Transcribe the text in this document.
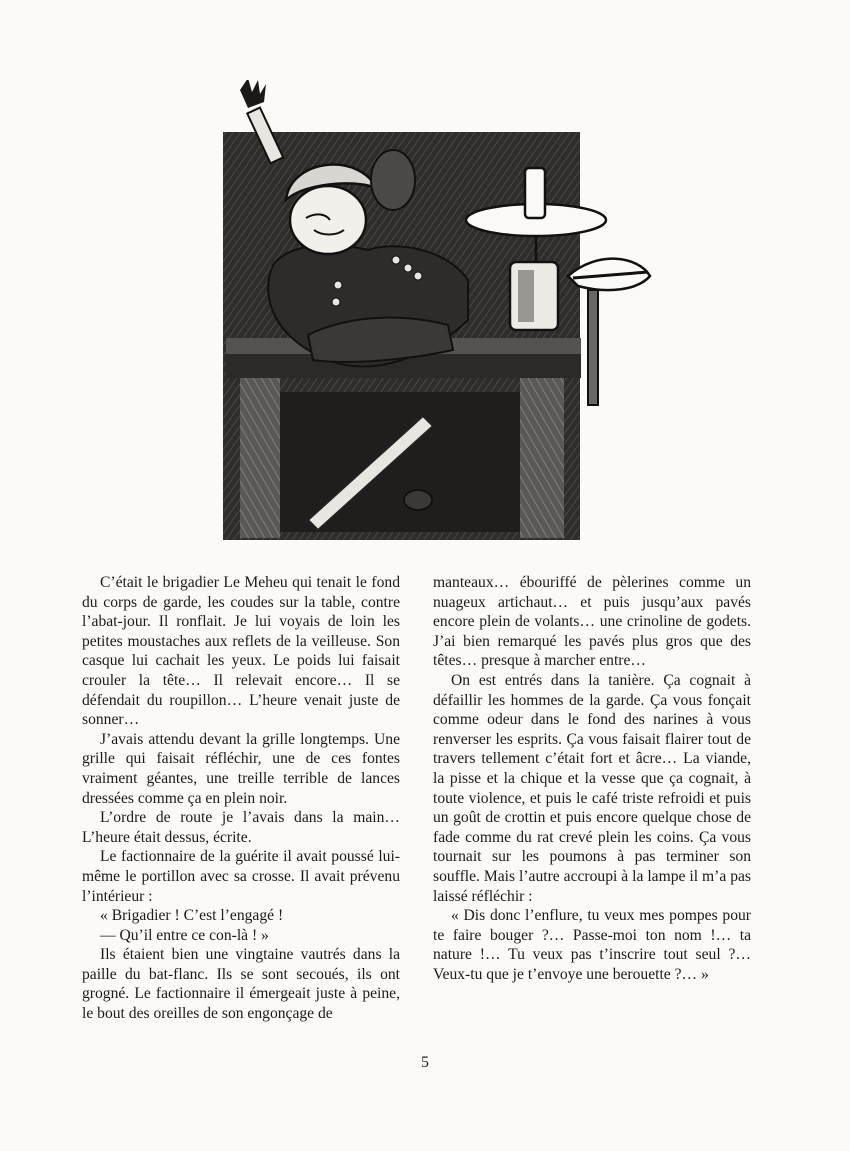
C’était le brigadier Le Meheu qui tenait le fond du corps de garde, les coudes sur la table, contre l’abat-jour. Il ronflait. Je lui voyais de loin les petites moustaches aux reflets de la veilleuse. Son casque lui cachait les yeux. Le poids lui faisait crouler la tête… Il relevait encore… Il se défendait du roupillon… L’heure venait juste de sonner…

J’avais attendu devant la grille longtemps. Une grille qui faisait réfléchir, une de ces fontes vraiment géantes, une treille terrible de lances dressées comme ça en plein noir.

L’ordre de route je l’avais dans la main… L’heure était dessus, écrite.

Le factionnaire de la guérite il avait poussé lui-même le portillon avec sa crosse. Il avait prévenu l’intérieur :

« Brigadier ! C’est l’engagé !

— Qu’il entre ce con-là ! »

Ils étaient bien une vingtaine vautrés dans la paille du bat-flanc. Ils se sont secoués, ils ont grogné. Le factionnaire il émergeait juste à peine, le bout des oreilles de son engonçage de

manteaux… ébouriffé de pèlerines comme un nuageux artichaut… et puis jusqu’aux pavés encore plein de volants… une crinoline de godets. J’ai bien remarqué les pavés plus gros que des têtes… presque à marcher entre…

On est entrés dans la tanière. Ça cognait à défaillir les hommes de la garde. Ça vous fonçait comme odeur dans le fond des narines à vous renverser les esprits. Ça vous faisait flairer tout de travers tellement c’était fort et âcre… La viande, la pisse et la chique et la vesse que ça cognait, à toute violence, et puis le café triste refroidi et puis un goût de crottin et puis encore quelque chose de fade comme du rat crevé plein les coins. Ça vous tournait sur les poumons à pas terminer son souffle. Mais l’autre accroupi à la lampe il m’a pas laissé réfléchir :

« Dis donc l’enflure, tu veux mes pompes pour te faire bouger ?… Passe-moi ton nom !… ta nature !… Tu veux pas t’inscrire tout seul ?… Veux-tu que je t’envoye une berouette ?… »

5
